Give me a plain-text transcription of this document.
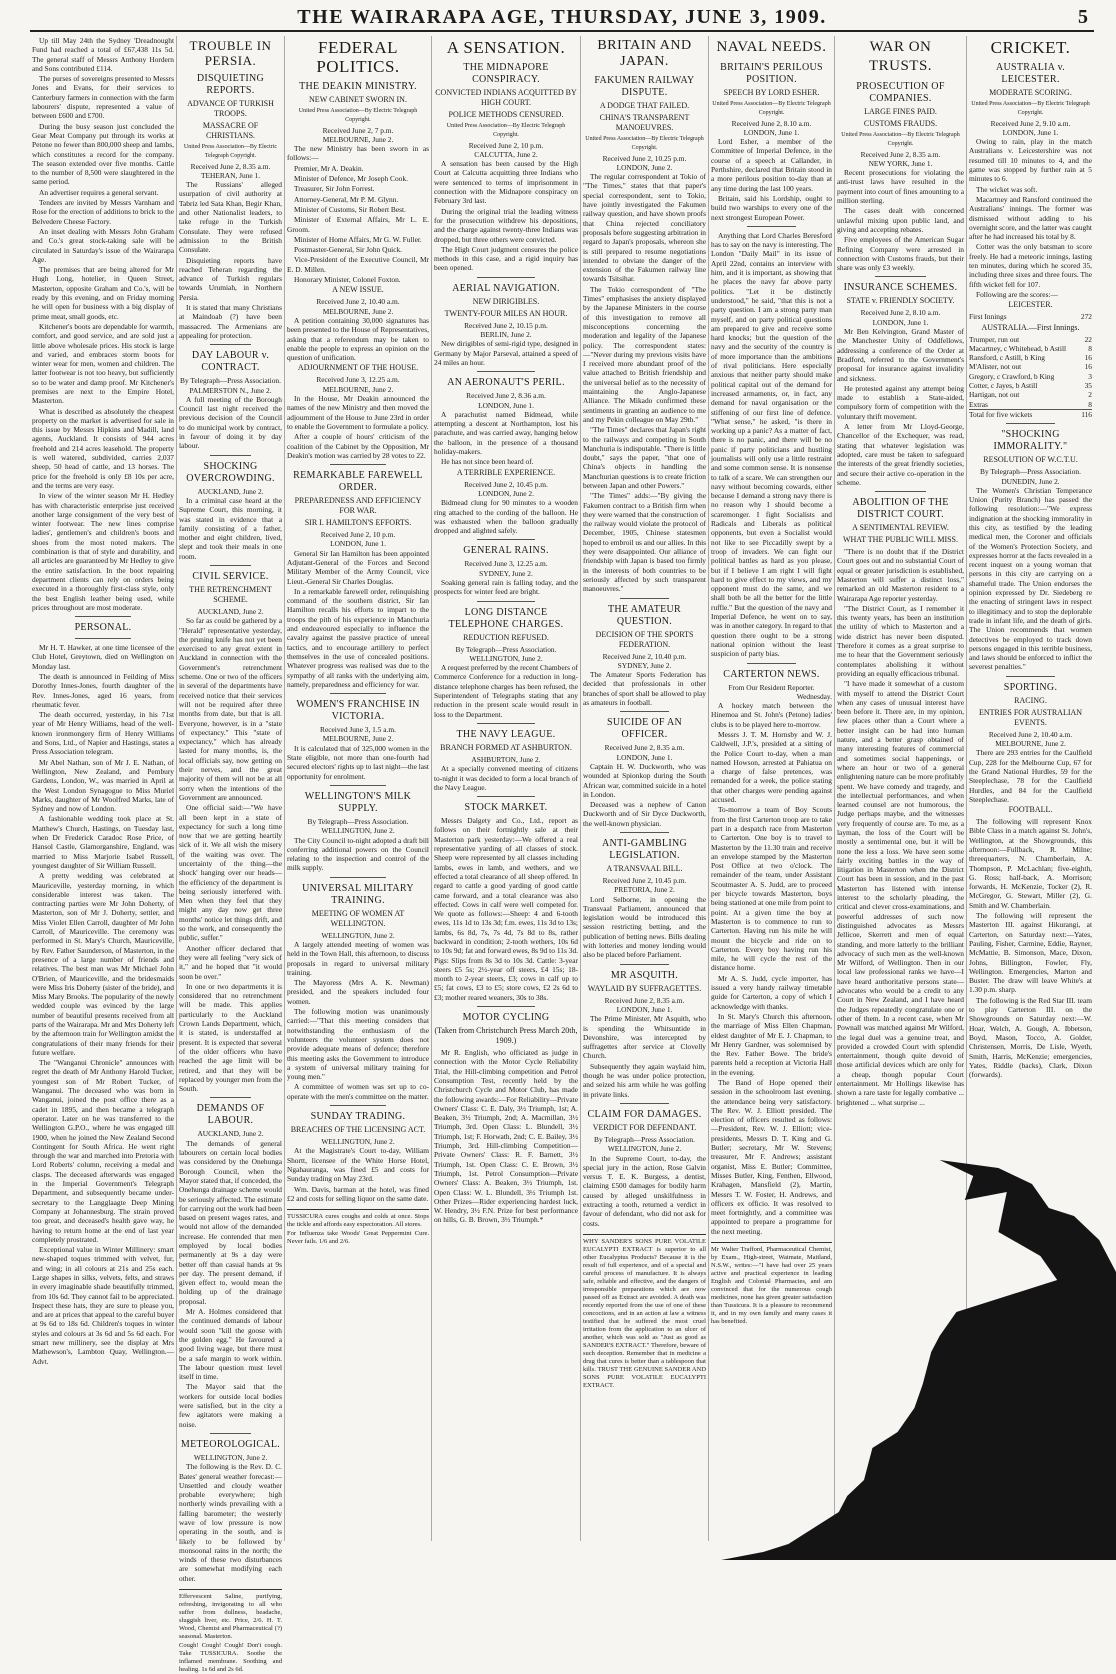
THE WAIRARAPA AGE, THURSDAY, JUNE 3, 1909.	5

Up till May 24th the Sydney 'Dreadnought Fund had reached a total of £67,438 11s 5d. The general staff of Messrs Anthony Hordern and Sons contributed £114.

The purses of sovereigns presented to Messrs Jones and Evans, for their services to Canterbury farmers in connection with the farm labourers' dispute, represented a value of between £600 and £700.

During the busy season just concluded the Gear Meat Company put through its works at Petone no fewer than 800,000 sheep and lambs, which constitutes a record for the company. The season extended over five months. Cattle to the number of 8,500 were slaughtered in the same period.

An advertiser requires a general servant.

Tenders are invited by Messrs Varnham and Rose for the erection of additions to brick to the Belvedere Cheese Factory.

An inset dealing with Messrs John Graham and Co.'s great stock-taking sale will be circulated in Saturday's issue of the Wairarapa Age.

The premises that are being altered for Mr Hugh Long, hotelier, in Queen Street, Masterton, opposite Graham and Co.'s, will be ready by this evening, and on Friday morning he will open for business with a big display of prime meat, small goods, etc.

Kitchener's boots are dependable for warmth, comfort, and good service, and are sold just a little above wholesale prices. His stock is large and varied, and embraces storm boots for winter wear for men, women and children. The latter footwear is not too heavy, but sufficiently so to be water and damp proof. Mr Kitchener's premises are next to the Empire Hotel, Masterton.

What is described as absolutely the cheapest property on the market is advertised for sale in this issue by Messrs Hipkins and Madill, land agents, Auckland. It consists of 944 acres freehold and 214 acres leasehold. The property is well watered, subdivided, carries 2,037 sheep, 50 head of cattle, and 13 horses. The price for the freehold is only £8 10s per acre, and the terms are very easy.

In view of the winter season Mr H. Hedley has with characteristic enterprise just received another large consignment of the very best of winter footwear. The new lines comprise ladies', gentlemen's and children's boots and shoes from the most noted makers. The combination is that of style and durability, and all articles are guaranteed by Mr Hedley to give the entire satisfaction. In the boot repairing department clients can rely on orders being executed in a thoroughly first-class style, only the best English leather being used, while prices throughout are most moderate.

PERSONAL.

Mr H. T. Hawker, at one time licensee of the Club Hotel, Greytown, died on Wellington on Monday last.

The death is announced in Feilding of Miss Dorothy Innes-Jones, fourth daughter of the Rev. Innes-Jones, aged 16 years, from rheumatic fever.

The death occurred, yesterday, in his 71st year of Mr Henry Williams, head of the well-known ironmongery firm of Henry Williams and Sons, Ltd., of Napier and Hastings, states a Press Association telegram.

Mr Abel Nathan, son of Mr J. E. Nathan, of Wellington, New Zealand, and Pembury Gardens, London, W., was married in April at the West London Synagogue to Miss Muriel Marks, daughter of Mr Woolfred Marks, late of Sydney and now of London.

A fashionable wedding took place at St. Matthew's Church, Hastings, on Tuesday last, when Dr Frederick Caradoc Rose Price, of Hansol Castle, Glamorganshire, England, was married to Miss Marjorie Isabel Russell, youngest daughter of Sir William Russell.

A pretty wedding was celebrated at Mauriceville, yesterday morning, in which considerable interest was taken. The contracting parties were Mr John Doherty, of Masterton, son of Mr J. Doherty, settler, and Miss Violet Ellen Carroll, daughter of Mr John Carroll, of Mauriceville. The ceremony was performed in St. Mary's Church, Mauriceville, by Rev. Father Saunderson, of Masterton, in the presence of a large number of friends and relatives. The best man was Mr Michael John O'Brien, of Mauriceville, and the bridesmaids were Miss Iris Doherty (sister of the bride), and Miss Mary Brooks. The popularity of the newly wedded couple was evinced by the large number of beautiful presents received from all parts of the Wairarapa. Mr and Mrs Doherty left by the afternoon train for Wellington amidst the congratulations of their many friends for their future welfare.

The "Wanganui Chronicle" announces with regret the death of Mr Anthony Harold Tucker, youngest son of Mr Robert Tucker, of Wanganui. The deceased who was born in Wanganui, joined the post office there as a cadet in 1895, and then became a telegraph operator. Later on he was transferred to the Wellington G.P.O., where he was engaged till 1900, when he joined the New Zealand Second Contingent for South Africa. He went right through the war and marched into Pretoria with Lord Roberts' column, receiving a medal and clasps. The deceased afterwards was engaged in the Imperial Government's Telegraph Department, and subsequently became under-secretary to the Langglaagte Deep Mining Company at Johannesburg. The strain proved too great, and deceased's health gave way, he having to return home at the end of last year completely prostrated.

Exceptional value in Winter Millinery: smart new-shaped toques trimmed with velvet, fur, and wing; in all colours at 21s and 25s each. Large shapes in silks, velvets, felts, and straws in every imaginable shade beautifully trimmed, from 10s 6d. They cannot fail to be appreciated. Inspect these hats, they are sure to please you, and are at prices that appeal to the careful buyer at 9s 6d to 18s 6d. Children's toques in winter styles and colours at 3s 6d and 5s 6d each. For smart new millinery, see the display at Mrs Mathewson's, Lambton Quay, Wellington.—Advt.

TROUBLE IN PERSIA.
DISQUIETING REPORTS.
ADVANCE OF TURKISH TROOPS.
MASSACRE OF CHRISTIANS.
United Press Association—By Electric Telegraph Copyright.
Received June 2, 8.35 a.m.
TEHERAN, June 1.

The Russians' alleged usurpation of civil authority at Tabriz led Sata Khan, Begir Khan, and other Nationalist leaders, to take refuge in the Turkish Consulate. They were refused admission to the British Consulate.

Disquieting reports have reached Teheran regarding the advance of Turkish regulars towards Urumiah, in Northern Persia.

It is stated that many Christians at Maindoab (?) have been massacred. The Armenians are appealing for protection.

DAY LABOUR v. CONTRACT.
By Telegraph—Press Association.
PALMERSTON N., June 2.

A full meeting of the Borough Council last night received the previous decision of the Council to do municipal work by contract, in favour of doing it by day labour.

SHOCKING OVERCROWDING.
AUCKLAND, June 2.

In a criminal case heard at the Supreme Court, this morning, it was stated in evidence that a family consisting of a father, mother and eight children, lived, slept and took their meals in one room.

CIVIL SERVICE.
THE RETRENCHMENT SCHEME.
AUCKLAND, June 2.

So far as could be gathered by a "Herald" representative yesterday, the pruning knife has not yet been exercised to any great extent in Auckland in connection with the Government's retrenchment scheme. One or two of the officers in several of the departments have received notice that their services will not be required after three months from date, but that is all. Everyone, however, is in a "state of expectancy." This "state of expectancy," which has already lasted for many months, is, the local officials say, now getting on their nerves, and the great majority of them will not be at all sorry when the intentions of the Government are announced.

One official said:—"We have all been kept in a state of expectancy for such a long time now that we are getting heartily sick of it. We all wish the misery of the waiting was over. The uncertainty of the thing—the shock' hanging over our heads—the efficiency of the department is being seriously interfered with. Men when they feel that they might any day now get three months' notice let things drift, and so the work, and consequently the public, suffer."

Another officer declared that they were all feeling "very sick of it," and he hoped that "it would soon be over."

In one or two departments it is considered that no retrenchment will be made. This applies particularly to the Auckland Crown Lands Department, which, it is stated, is understaffed at present. It is expected that several of the older officers who have reached the age limit will be retired, and that they will be replaced by younger men from the South.

DEMANDS OF LABOUR.
AUCKLAND, June 2.

The demands of general labourers on certain local bodies was considered by the Onehunga Borough Council, when the Mayor stated that, if conceded, the Onehunga drainage scheme would be seriously affected. The estimate for carrying out the work had been based on present wages rates, and would not allow of the demanded increase. He contended that men employed by local bodies permanently at 9s a day were better off than casual hands at 9s per day. The present demand, if given effect to, would mean the holding up of the drainage proposal.

Mr A. Holmes considered that the continued demands of labour would soon "kill the goose with the golden egg." He favoured a good living wage, but there must be a safe margin to work within. The labour question must level itself in time.

The Mayor said that the workers for outside local bodies were satisfied, but in the city a few agitators were making a noise.

METEOROLOGICAL.
WELLINGTON, June 2.

The following is the Rev. D. C. Bates' general weather forecast:—Unsettled and cloudy weather probable everywhere; high northerly winds prevailing with a falling barometer; the westerly wave of low pressure is now operating in the south, and is likely to be followed by monsoonal rains in the north; the winds of these two disturbances are somewhat modifying each other.

Effervescent Saline, purifying, refreshing, invigorating to all who suffer from dullness, headache, sluggish liver, etc. Price, 2/6. H. T. Wood, Chemist and Pharmaceutical (?) seasonal. Masterton.

Cough! Cough! Cough! Don't cough. Take TUSSICURA. Soothe the inflamed membrane. Soothing and healing. 1s 6d and 2s 6d.

FEDERAL POLITICS.
THE DEAKIN MINISTRY.
NEW CABINET SWORN IN.
United Press Association—By Electric Telegraph Copyright.
Received June 2, 7 p.m.
MELBOURNE, June 2.

The new Ministry has been sworn in as follows:—

Premier, Mr A. Deakin.

Minister of Defence, Mr Joseph Cook.

Treasurer, Sir John Forrest.

Attorney-General, Mr P. M. Glynn.

Minister of Customs, Sir Robert Best.

Minister of External Affairs, Mr L. E. Groom.

Minister of Home Affairs, Mr G. W. Fuller.

Postmaster-General, Sir John Quick.

Vice-President of the Executive Council, Mr E. D. Millen.

Honorary Minister, Colonel Foxton.

A NEW ISSUE.
Received June 2, 10.40 a.m.
MELBOURNE, June 2.

A petition containing 30,000 signatures has been presented to the House of Representatives, asking that a referendum may be taken to enable the people to express an opinion on the question of unification.

ADJOURNMENT OF THE HOUSE.
Received June 3, 12.25 a.m.
MELBOURNE, June 2.

In the House, Mr Deakin announced the names of the new Ministry and then moved the adjournment of the House to June 23rd in order to enable the Government to formulate a policy.

After a couple of hours' criticism of the coalition of the Cabinet by the Opposition, Mr Deakin's motion was carried by 28 votes to 22.

REMARKABLE FAREWELL ORDER.
PREPAREDNESS AND EFFICIENCY FOR WAR.
SIR I. HAMILTON'S EFFORTS.
Received June 2, 10 p.m.
LONDON, June 1.

General Sir Ian Hamilton has been appointed Adjutant-General of the Forces and Second Military Member of the Army Council, vice Lieut.-General Sir Charles Douglas.

In a remarkable farewell order, relinquishing command of the southern district, Sir Ian Hamilton recalls his efforts to impart to the troops the pith of his experience in Manchuria and endeavoured especially to influence the cavalry against the passive practice of unreal tactics, and to encourage artillery to perfect themselves in the use of concealed positions. Whatever progress was realised was due to the sympathy of all ranks with the underlying aim, namely, preparedness and efficiency for war.

WOMEN'S FRANCHISE IN VICTORIA.
Received June 3, 1.5 a.m.
MELBOURNE, June 2.

It is calculated that of 325,000 women in the State eligible, not more than one-fourth had secured electors' rights up to last night—the last opportunity for enrolment.

WELLINGTON'S MILK SUPPLY.
By Telegraph—Press Association.
WELLINGTON, June 2.

The City Council to-night adopted a draft bill conferring additional powers on the Council relating to the inspection and control of the milk supply.

UNIVERSAL MILITARY TRAINING.
MEETING OF WOMEN AT WELLINGTON.
WELLINGTON, June 2.

A largely attended meeting of women was held in the Town Hall, this afternoon, to discuss proposals in regard to universal military training.

The Mayoress (Mrs A. K. Newman) presided, and the speakers included four women.

The following motion was unanimously carried:—"That this meeting considers that notwithstanding the enthusiasm of the volunteers the volunteer system does not provide adequate means of defence; therefore this meeting asks the Government to introduce a system of universal military training for young men."

A committee of women was set up to co-operate with the men's committee on the matter.

SUNDAY TRADING.
BREACHES OF THE LICENSING ACT.
WELLINGTON, June 2.

At the Magistrate's Court to-day, William Shortt, licensee of the White Horse Hotel, Ngahauranga, was fined £5 and costs for Sunday trading on May 23rd.

Wm. Davis, barman at the hotel, was fined £2 and costs for selling liquor on the same date.

TUSSICURA cures coughs and colds at once. Stops the tickle and affords easy expectoration. All stores.

For Influenza take Woods' Great Peppermint Cure. Never fails. 1/6 and 2/6.

A SENSATION.
THE MIDNAPORE CONSPIRACY.
CONVICTED INDIANS ACQUITTED BY HIGH COURT.
POLICE METHODS CENSURED.
United Press Association—By Electric Telegraph Copyright.
Received June 2, 10 p.m.
CALCUTTA, June 2.

A sensation has been caused by the High Court at Calcutta acquitting three Indians who were sentenced to terms of imprisonment in connection with the Midnapore conspiracy on February 3rd last.

During the original trial the leading witness for the prosecution withdrew his depositions, and the charge against twenty-three Indians was dropped, but three others were convicted.

The High Court judgment censures the police methods in this case, and a rigid inquiry has been opened.

AERIAL NAVIGATION.
NEW DIRIGIBLES.
TWENTY-FOUR MILES AN HOUR.
Received June 2, 10.15 p.m.
BERLIN, June 2.

New dirigibles of semi-rigid type, designed in Germany by Major Parseval, attained a speed of 24 miles an hour.

AN AERONAUT'S PERIL.
Received June 2, 8.36 a.m.
LONDON, June 1.

A parachutist named Bidmead, while attempting a descent at Northampton, lost his parachute, and was carried away, hanging below the balloon, in the presence of a thousand holiday-makers.

He has not since been heard of.

A TERRIBLE EXPERIENCE.
Received June 2, 10.45 p.m.
LONDON, June 2.

Bidmead clung for 90 minutes to a wooden ring attached to the cording of the balloon. He was exhausted when the balloon gradually dropped and alighted safely.

GENERAL RAINS.
Received June 3, 12.25 a.m.
SYDNEY, June 2.

Soaking general rain is falling today, and the prospects for winter feed are bright.

LONG DISTANCE TELEPHONE CHARGES.
REDUCTION REFUSED.
By Telegraph—Press Association.
WELLINGTON, June 2.

A request preferred by the recent Chambers of Commerce Conference for a reduction in long-distance telephone charges has been refused, the Superintendent of Telegraphs stating that any reduction in the present scale would result in loss to the Department.

THE NAVY LEAGUE.
BRANCH FORMED AT ASHBURTON.
ASHBURTON, June 2.

At a specially convened meeting of citizens to-night it was decided to form a local branch of the Navy League.

STOCK MARKET.

Messrs Dalgety and Co., Ltd., report as follows on their fortnightly sale at their Masterton park yesterday:—We offered a real representative yarding of all classes of stock. Sheep were represented by all classes including lambs, ewes in lamb, and wethers, and we effected a total clearance of all sheep offered. In regard to cattle a good yarding of good cattle came forward, and a total clearance was also effected. Cows in calf were well competed for. We quote as follows:—Sheep: 4 and 6-tooth ewes, 11s 1d to 13s 3d; f.m. ewes, 11s 3d to 13s; lambs, 6s 8d, 7s, 7s 4d, 7s 8d to 8s, rather backward in condition; 2-tooth wethers, 10s 6d to 10s 9d; fat and forward ewes, 8s 9d to 11s 3d. Pigs: Slips from 8s 3d to 10s 3d. Cattle: 3-year steers £5 5s; 2½-year off steers, £4 15s; 18-month to 2-year steers, £3; cows in calf up to £5; fat cows, £3 to £5; store cows, £2 2s 6d to £3; mother reared weaners, 30s to 38s.

MOTOR CYCLING
(Taken from Christchurch Press March 20th, 1909.)

Mr R. English, who officiated as judge in connection with the Motor Cycle Reliability Trial, the Hill-climbing competition and Petrol Consumption Test, recently held by the Christchurch Cycle and Motor Club, has made the following awards:—For Reliability—Private Owners' Class: C. E. Daly, 3½ Triumph, 1st; A. Beaken, 3½ Triumph, 2nd; A. Macmillan, 3½ Triumph, 3rd. Open Class: L. Blundell, 3½ Triumph, 1st; F. Horwath, 2nd; C. E. Bailey, 3½ Triumph, 3rd. Hill-climbing Competition—Private Owners' Class: R. F. Barnett, 3½ Triumph, 1st. Open Class: C. E. Brown, 3½ Triumph, 1st. Petrol Consumption—Private Owners' Class: A. Beaken, 3½ Triumph, 1st. Open Class: W. L. Blundell, 3½ Triumph 1st. Other Prizes—Rider experiencing hardest luck, W. Hendry, 3½ F.N. Prize for best performance on hills, G. B. Brown, 3½ Triumph.*

BRITAIN AND JAPAN.
FAKUMEN RAILWAY DISPUTE.
A DODGE THAT FAILED.
CHINA'S TRANSPARENT MANOEUVRES.
United Press Association—By Electric Telegraph Copyright.
Received June 2, 10.25 p.m.
LONDON, June 2.

The regular correspondent at Tokio of "The Times," states that that paper's special correspondent, sent to Tokio, have jointly investigated the Fakumen railway question, and have shown proofs that China rejected conciliatory proposals before suggesting arbitration in regard to Japan's proposals, whereon she is still prepared to resume negotiations intended to obviate the danger of the extension of the Fakumen railway line towards Tsitsihar.

The Tokio correspondent of "The Times" emphasises the anxiety displayed by the Japanese Ministers in the course of this investigation to remove all misconceptions concerning the moderation and legality of the Japanese policy. The correspondent states:—"Never during my previous visits have I received more abundant proof of the value attached to British friendship and the universal belief as to the necessity of maintaining the Anglo-Japanese Alliance. The Mikado confirmed these sentiments in granting an audience to me and my Pekin colleague on May 29th."

"The Times" declares that Japan's right to the railways and competing in South Manchuria is indisputable. "There is little doubt," says the paper, "that one of China's objects in handling the Manchurian questions is to create friction between Japan and other Powers."

"The Times" adds:—"By giving the Fakumen contract to a British firm when they were warned that the construction of the railway would violate the protocol of December, 1905, Chinese statesmen hoped to embroil us and our allies. In this they were disappointed. Our alliance of friendship with Japan is based too firmly in the interests of both countries to be seriously affected by such transparent manoeuvres."

THE AMATEUR QUESTION.
DECISION OF THE SPORTS FEDERATION.
Received June 2, 10.40 p.m.
SYDNEY, June 2.

The Amateur Sports Federation has decided that professionals in other branches of sport shall be allowed to play as amateurs in football.

SUICIDE OF AN OFFICER.
Received June 2, 8.35 a.m.
LONDON, June 1.

Captain H. W. Duckworth, who was wounded at Spionkop during the South African war, committed suicide in a hotel in London.

Deceased was a nephew of Canon Duckworth and of Sir Dyce Duckworth, the well-known physician.

ANTI-GAMBLING LEGISLATION.
A TRANSVAAL BILL.
Received June 2, 10.45 p.m.
PRETORIA, June 2.

Lord Selborne, in opening the Transvaal Parliament, announced that legislation would be introduced this session restricting betting, and the publication of betting news. Bills dealing with lotteries and money lending would also be placed before Parliament.

MR ASQUITH.
WAYLAID BY SUFFRAGETTES.
Received June 2, 8.35 a.m.
LONDON, June 1.

The Prime Minister, Mr Asquith, who is spending the Whitsuntide in Devonshire, was intercepted by suffragettes after service at Clovelly Church.

Subsequently they again waylaid him, though he was under police protection, and seized his arm while he was golfing in private links.

CLAIM FOR DAMAGES.
VERDICT FOR DEFENDANT.
By Telegraph—Press Association.
WELLINGTON, June 2.

In the Supreme Court, to-day, the special jury in the action, Rose Galvin versus T. E. K. Burgess, a dentist, claiming £500 damages for bodily harm caused by alleged unskilfulness in extracting a tooth, returned a verdict in favour of defendant, who did not ask for costs.

WHY SANDER'S SONS PURE VOLATILE EUCALYPTI EXTRACT is superior to all other Eucalyptus Products? Because it is the result of full experience, and of a special and careful process of manufacture. It is always safe, reliable and effective, and the dangers of irresponsible preparations which are now passed off as Extract are avoided. A death was recently reported from the use of one of these concoctions, and in an action at law a witness testified that he suffered the most cruel irritation from the application to an ulcer of another, which was sold as "Just as good as SANDER'S EXTRACT." Therefore, beware of such deception. Remember that in medicine a drug that cures is better than a tablespoon that kills. TRUST THE GENUINE SANDER AND SONS PURE VOLATILE EUCALYPTI EXTRACT.

NAVAL NEEDS.
BRITAIN'S PERILOUS POSITION.
SPEECH BY LORD ESHER.
United Press Association—By Electric Telegraph Copyright.
Received June 2, 8.10 a.m.
LONDON, June 1.

Lord Esher, a member of the Committee of Imperial Defence, in the course of a speech at Callander, in Perthshire, declared that Britain stood in a more perilous position to-day than at any time during the last 100 years.

Britain, said his Lordship, ought to build two warships to every one of the next strongest European Power.

Anything that Lord Charles Beresford has to say on the navy is interesting. The London "Daily Mail" in its issue of April 22nd, contains an interview with him, and it is important, as showing that he places the navy far above party politics. "Let it be distinctly understood," he said, "that this is not a party question. I am a strong party man myself, and on party political questions am prepared to give and receive some hard knocks; but the question of the navy and the security of the country is of more importance than the ambitions of rival politicians. Here especially anxious that neither party should make political capital out of the demand for increased armaments, or, in fact, any demand for naval organisation or the stiffening of our first line of defence. "What sense," he asked, "is there in working up a panic? As a matter of fact, there is no panic, and there will be no panic if party politicians and hustling journalists will only use a little restraint and some common sense. It is nonsense to talk of a scare. We can strengthen our navy without becoming cowards, either because I demand a strong navy there is no reason why I should become a scaremonger. I fight Socialists and Radicals and Liberals as political opponents, but even a Socialist would not like to see Piccadilly swept by a troop of invaders. We can fight our political battles as hard as you please, but if I believe I am right I will fight hard to give effect to my views, and my opponent must do the same, and we shall both be all the better for the little ruffle." But the question of the navy and Imperial Defence, he went on to say, was in another category. In regard to that question there ought to be a strong national opinion without the least suspicion of party bias.

CARTERTON NEWS.
From Our Resident Reporter.
Wednesday.

A hockey match between the Hinemoa and St. John's (Petone) ladies' clubs is to be played here to-morrow.

Messrs J. T. M. Hornsby and W. J. Caldwell, J.P.'s, presided at a sitting of the Police Court to-day, when a man named Howson, arrested at Pahiatua on a charge of false pretences, was remanded for a week, the police stating that other charges were pending against accused.

To-morrow a team of Boy Scouts from the first Carterton troop are to take part in a despatch race from Masterton to Carterton. One boy is to travel to Masterton by the 11.30 train and receive an envelope stamped by the Masterton Post Office at two o'clock. The remainder of the team, under Assistant Scoutmaster A. S. Judd, are to proceed per bicycle towards Masterton, boys being stationed at one mile from point to point. At a given time the boy at Masterton is to commence to run to Carterton. Having run his mile he will mount the bicycle and ride on to Carterton. Every boy having run his mile, he will cycle the rest of the distance home.

Mr A. S. Judd, cycle importer, has issued a very handy railway timetable guide for Carterton, a copy of which I acknowledge with thanks.

In St. Mary's Church this afternoon, the marriage of Miss Ellen Chapman, eldest daughter of Mr E. J. Chapman, to Mr Henry Gardner, was solemnised by the Rev. Father Bowe. The bride's parents held a reception at Victoria Hall in the evening.

The Band of Hope opened their session in the schoolroom last evening, the attendance being very satisfactory. The Rev. W. J. Elliott presided. The election of officers resulted as follows:—President, Rev. W. J. Elliott; vice-presidents, Messrs D. T. King and G. Butler; secretary, Mr W. Stevens; treasurer, Mr F. Andrews; assistant organist, Miss E. Butler; Committee, Misses Butler, King, Fenthen, Ellwood, Krahagen, Mansfield (2), Martin, Messrs T. W. Foster, H. Andrews, and officers ex officio. It was resolved to meet fortnightly, and a committee was appointed to prepare a programme for the next meeting.

Mr Walter Trafford, Pharmaceutical Chemist, by Exam., High-street, Waimate, Maitland, N.S.W., writes:—"I have had over 25 years active and practical experience in leading English and Colonial Pharmacies, and am convinced that for the numerous cough medicines, none has given greater satisfaction than Tussicura. It is a pleasure to recommend it, and in my own family and many cases it has benefited.

WAR ON TRUSTS.
PROSECUTION OF COMPANIES.
LARGE FINES PAID.
CUSTOMS FRAUDS.
United Press Association—By Electric Telegraph Copyright.
Received June 2, 8.35 a.m.
NEW YORK, June 1.

Recent prosecutions for violating the anti-trust laws have resulted in the payment into court of fines amounting to a million sterling.

The cases dealt with concerned unlawful mixing upon public land, and giving and accepting rebates.

Five employees of the American Sugar Refining Company were arrested in connection with Customs frauds, but their share was only £3 weekly.

INSURANCE SCHEMES.
STATE v. FRIENDLY SOCIETY.
Received June 2, 8.10 a.m.
LONDON, June 1.

Mr Ben Kelvington, Grand Master of the Manchester Unity of Oddfellows, addressing a conference of the Order at Bradford, referred to the Government's proposal for insurance against invalidity and sickness.

He protested against any attempt being made to establish a State-aided, compulsory form of competition with the voluntary thrift movement.

A letter from Mr Lloyd-George, Chancellor of the Exchequer, was read, stating that whatever legislation was adopted, care must be taken to safeguard the interests of the great friendly societies, and secure their active co-operation in the scheme.

ABOLITION OF THE DISTRICT COURT.
A SENTIMENTAL REVIEW.
WHAT THE PUBLIC WILL MISS.

"There is no doubt that if the District Court goes out and no substantial Court of equal or greater jurisdiction is established, Masterton will suffer a distinct loss," remarked an old Masterton resident to a Wairarapa Age reporter yesterday.

"The District Court, as I remember it this twenty years, has been an institution the utility of which to Masterton and a wide district has never been disputed. Therefore it comes as a great surprise to me to hear that the Government seriously contemplates abolishing it without providing an equally efficacious tribunal.

"I have made it somewhat of a custom with myself to attend the District Court when any cases of unusual interest have been before it. There are, in my opinion, few places other than a Court where a better insight can be had into human nature, and a better grasp obtained of many interesting features of commercial and sometimes social happenings, or where an hour or two of a general enlightening nature can be more profitably spent. We have comedy and tragedy, and the intellectual performances, and when learned counsel are not humorous, the Judge perhaps maybe, and the witnesses very frequently of course are. To me, as a layman, the loss of the Court will be mostly a sentimental one, but it will be none the less a loss. We have seen some fairly exciting battles in the way of litigation in Masterton when the District Court has been in session, and in the past Masterton has listened with intense interest to the scholarly pleading, the critical and clever cross-examinations, and powerful addresses of such now distinguished advocates as Messrs Jellicoe, Skerrett and men of equal standing, and more latterly to the brilliant advocacy of such men as the well-known Mr Wilford, of Wellington. Then in our local law professional ranks we have—I have heard authoritative persons state—advocates who would be a credit to any Court in New Zealand, and I have heard the Judges repeatedly congratulate one or other of them. In a recent case, when Mr Pownall was matched against Mr Wilford, the legal duel was a genuine treat, and provided a crowded Court with splendid entertainment, though quite devoid of those artificial devices which are only for a cheap, though popular Court entertainment. Mr Hollings likewise has shown a rare taste for legally combative ... brightened ... what surprise ...

CRICKET.
AUSTRALIA v. LEICESTER.
MODERATE SCORING.
United Press Association—By Electric Telegraph Copyright.
Received June 2, 9.10 a.m.
LONDON, June 1.

Owing to rain, play in the match Australians v. Leicestershire was not resumed till 10 minutes to 4, and the game was stopped by further rain at 5 minutes to 6.

The wicket was soft.

Macartney and Ransford continued the Australians' innings. The former was dismissed without adding to his overnight score, and the latter was caught after he had increased his total by 8.

Cotter was the only batsman to score freely. He had a meteoric innings, lasting ten minutes, during which he scored 35, including three sixes and three fours. The fifth wicket fell for 107.

Following are the scores:—

LEICESTER.
First Innings	272
AUSTRALIA.—First Innings.
Trumper, run out	22
Macartney, c Whitehead, b Astill	8
Ransford, c Astill, b King	16
M'Alister, not out	16
Gregory, c Crawford, b King	3
Cotter, c Jayes, b Astill	35
Hartigan, not out	2
Extras	8
Total for five wickets	116
"SHOCKING IMMORALITY."
RESOLUTION OF W.C.T.U.
By Telegraph—Press Association.
DUNEDIN, June 2.

The Women's Christian Temperance Union (Purity Branch) has passed the following resolution:—"We express indignation at the shocking immorality in this city, as testified by the leading medical men, the Coroner and officials of the Women's Protection Society, and expresses horror at the facts revealed in a recent inquest on a young woman that persons in this city are carrying on a shameful trade. The Union endorses the opinion expressed by Dr. Siedeberg re the enacting of stringent laws in respect to illegitimacy and to stop the deplorable trade in infant life, and the death of girls. The Union recommends that women detectives be employed to track down persons engaged in this terrible business, and laws should be enforced to inflict the severest penalties."

SPORTING.
RACING.
ENTRIES FOR AUSTRALIAN EVENTS.
Received June 2, 10.40 a.m.
MELBOURNE, June 2.

There are 293 entries for the Caulfield Cup, 228 for the Melbourne Cup, 67 for the Grand National Hurdles, 59 for the Steeplechase, 78 for the Caulfield Hurdles, and 84 for the Caulfield Steeplechase.

FOOTBALL.

The following will represent Knox Bible Class in a match against St. John's, Wellington, at the Showgrounds, this afternoon:—Fullback, R. Milne; threequarters, N. Chamberlain, A. Thompson, P. McLachlan; five-eighth, G. Ross; half-back, A. Morrison; forwards, H. McKenzie, Tocker (2), R. McGregor, G. Stewart, Miller (2), G. Smith and W. Chamberlain.

The following will represent the Masterton III. against Hikurangi, at Carterton, on Saturday next:—Yates, Pauling, Fisher, Carmine, Eddie, Rayner, McMattie, B. Simonson, Mace, Dixon, Johns, Billington, Fowler, Fly, Wellington. Emergencies, Marton and Buster. The draw will leave White's at 1.30 p.m. sharp.

The following is the Red Star III. team to play Carterton III. on the Showgrounds on Saturday next:—W. Hoar, Welch, A. Gough, A. Ibbetson, Boyd, Mason, Tocco, A. Golder, Christensen, Morris, De Lisle, Wyeth, Smith, Harris, McKenzie; emergencies, Yates, Riddle (backs), Clark, Dixon (forwards).
